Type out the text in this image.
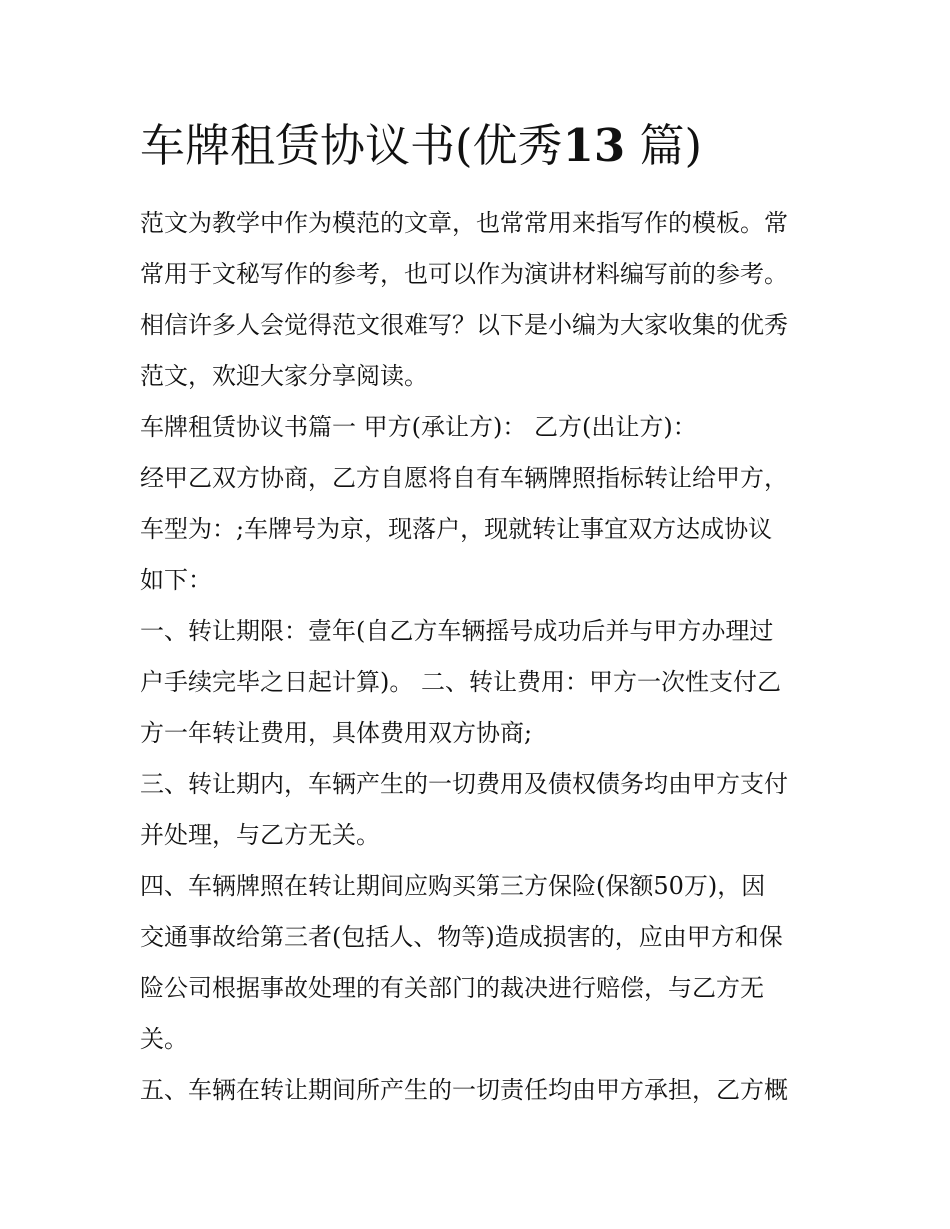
车牌租赁协议书(优秀13 篇)
范文为教学中作为模范的文章，也常常用来指写作的模板。常
常用于文秘写作的参考，也可以作为演讲材料编写前的参考。
相信许多人会觉得范文很难写？以下是小编为大家收集的优秀
范文，欢迎大家分享阅读。
车牌租赁协议书篇一 甲方(承让方)： 乙方(出让方)：
经甲乙双方协商，乙方自愿将自有车辆牌照指标转让给甲方，
车型为：;车牌号为京，现落户，现就转让事宜双方达成协议
如下：
一、转让期限：壹年(自乙方车辆摇号成功后并与甲方办理过
户手续完毕之日起计算)。 二、转让费用：甲方一次性支付乙
方一年转让费用，具体费用双方协商;
三、转让期内，车辆产生的一切费用及债权债务均由甲方支付
并处理，与乙方无关。
四、车辆牌照在转让期间应购买第三方保险(保额50万)，因
交通事故给第三者(包括人、物等)造成损害的，应由甲方和保
险公司根据事故处理的有关部门的裁决进行赔偿，与乙方无
关。
五、车辆在转让期间所产生的一切责任均由甲方承担，乙方概
